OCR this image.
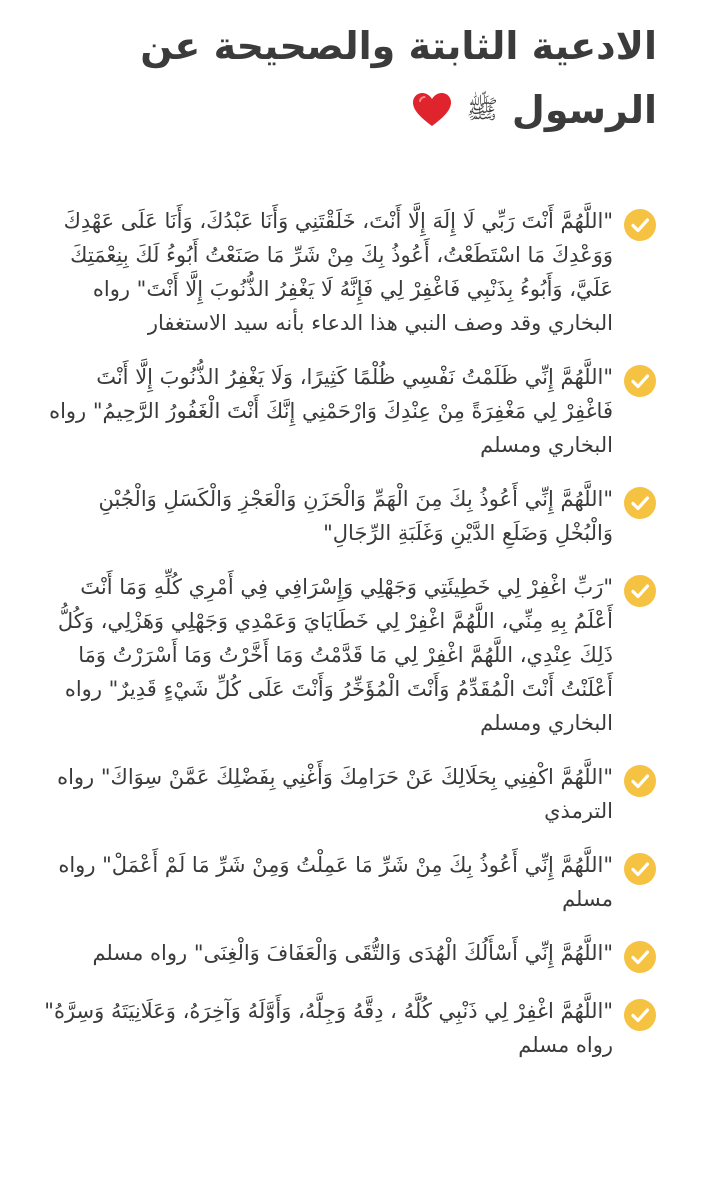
الادعية الثابتة والصحيحة عن
الرسول
ﷺ
"اللَّهُمَّ أَنْتَ رَبِّي لَا إِلَهَ إِلَّا أَنْتَ، خَلَقْتَنِي وَأَنَا عَبْدُكَ، وَأَنَا عَلَى عَهْدِكَ وَوَعْدِكَ مَا اسْتَطَعْتُ، أَعُوذُ بِكَ مِنْ شَرِّ مَا صَنَعْتُ أَبُوءُ لَكَ بِنِعْمَتِكَ عَلَيَّ، وَأَبُوءُ بِذَنْبِي فَاغْفِرْ لِي فَإِنَّهُ لَا يَغْفِرُ الذُّنُوبَ إِلَّا أَنْتَ" رواه البخاري وقد وصف النبي هذا الدعاء بأنه سيد الاستغفار
"اللَّهُمَّ إِنِّي ظَلَمْتُ نَفْسِي ظُلْمًا كَثِيرًا، وَلَا يَغْفِرُ الذُّنُوبَ إِلَّا أَنْتَ فَاغْفِرْ لِي مَغْفِرَةً مِنْ عِنْدِكَ وَارْحَمْنِي إِنَّكَ أَنْتَ الْغَفُورُ الرَّحِيمُ" رواه البخاري ومسلم
"اللَّهُمَّ إِنِّي أَعُوذُ بِكَ مِنَ الْهَمِّ وَالْحَزَنِ وَالْعَجْزِ وَالْكَسَلِ وَالْجُبْنِ وَالْبُخْلِ وَضَلَعِ الدَّيْنِ وَغَلَبَةِ الرِّجَالِ"
"رَبِّ اغْفِرْ لِي خَطِيئَتِي وَجَهْلِي وَإِسْرَافِي فِي أَمْرِي كُلِّهِ وَمَا أَنْتَ أَعْلَمُ بِهِ مِنِّي، اللَّهُمَّ اغْفِرْ لِي خَطَايَايَ وَعَمْدِي وَجَهْلِي وَهَزْلِي، وَكُلُّ ذَلِكَ عِنْدِي، اللَّهُمَّ اغْفِرْ لِي مَا قَدَّمْتُ وَمَا أَخَّرْتُ وَمَا أَسْرَرْتُ وَمَا أَعْلَنْتُ أَنْتَ الْمُقَدِّمُ وَأَنْتَ الْمُؤَخِّرُ وَأَنْتَ عَلَى كُلِّ شَيْءٍ قَدِيرٌ" رواه البخاري ومسلم
"اللَّهُمَّ اكْفِنِي بِحَلَالِكَ عَنْ حَرَامِكَ وَأَغْنِي بِفَضْلِكَ عَمَّنْ سِوَاكَ" رواه الترمذي
"اللَّهُمَّ إِنِّي أَعُوذُ بِكَ مِنْ شَرِّ مَا عَمِلْتُ وَمِنْ شَرِّ مَا لَمْ أَعْمَلْ" رواه مسلم
"اللَّهُمَّ إِنِّي أَسْأَلُكَ الْهُدَى وَالتُّقَى وَالْعَفَافَ وَالْغِنَى" رواه مسلم
"اللَّهُمَّ اغْفِرْ لِي ذَنْبِي كُلَّهُ ، دِقَّهُ وَجِلَّهُ، وَأَوَّلَهُ وَآخِرَهُ، وَعَلَانِيَتَهُ وَسِرَّهُ" رواه مسلم
